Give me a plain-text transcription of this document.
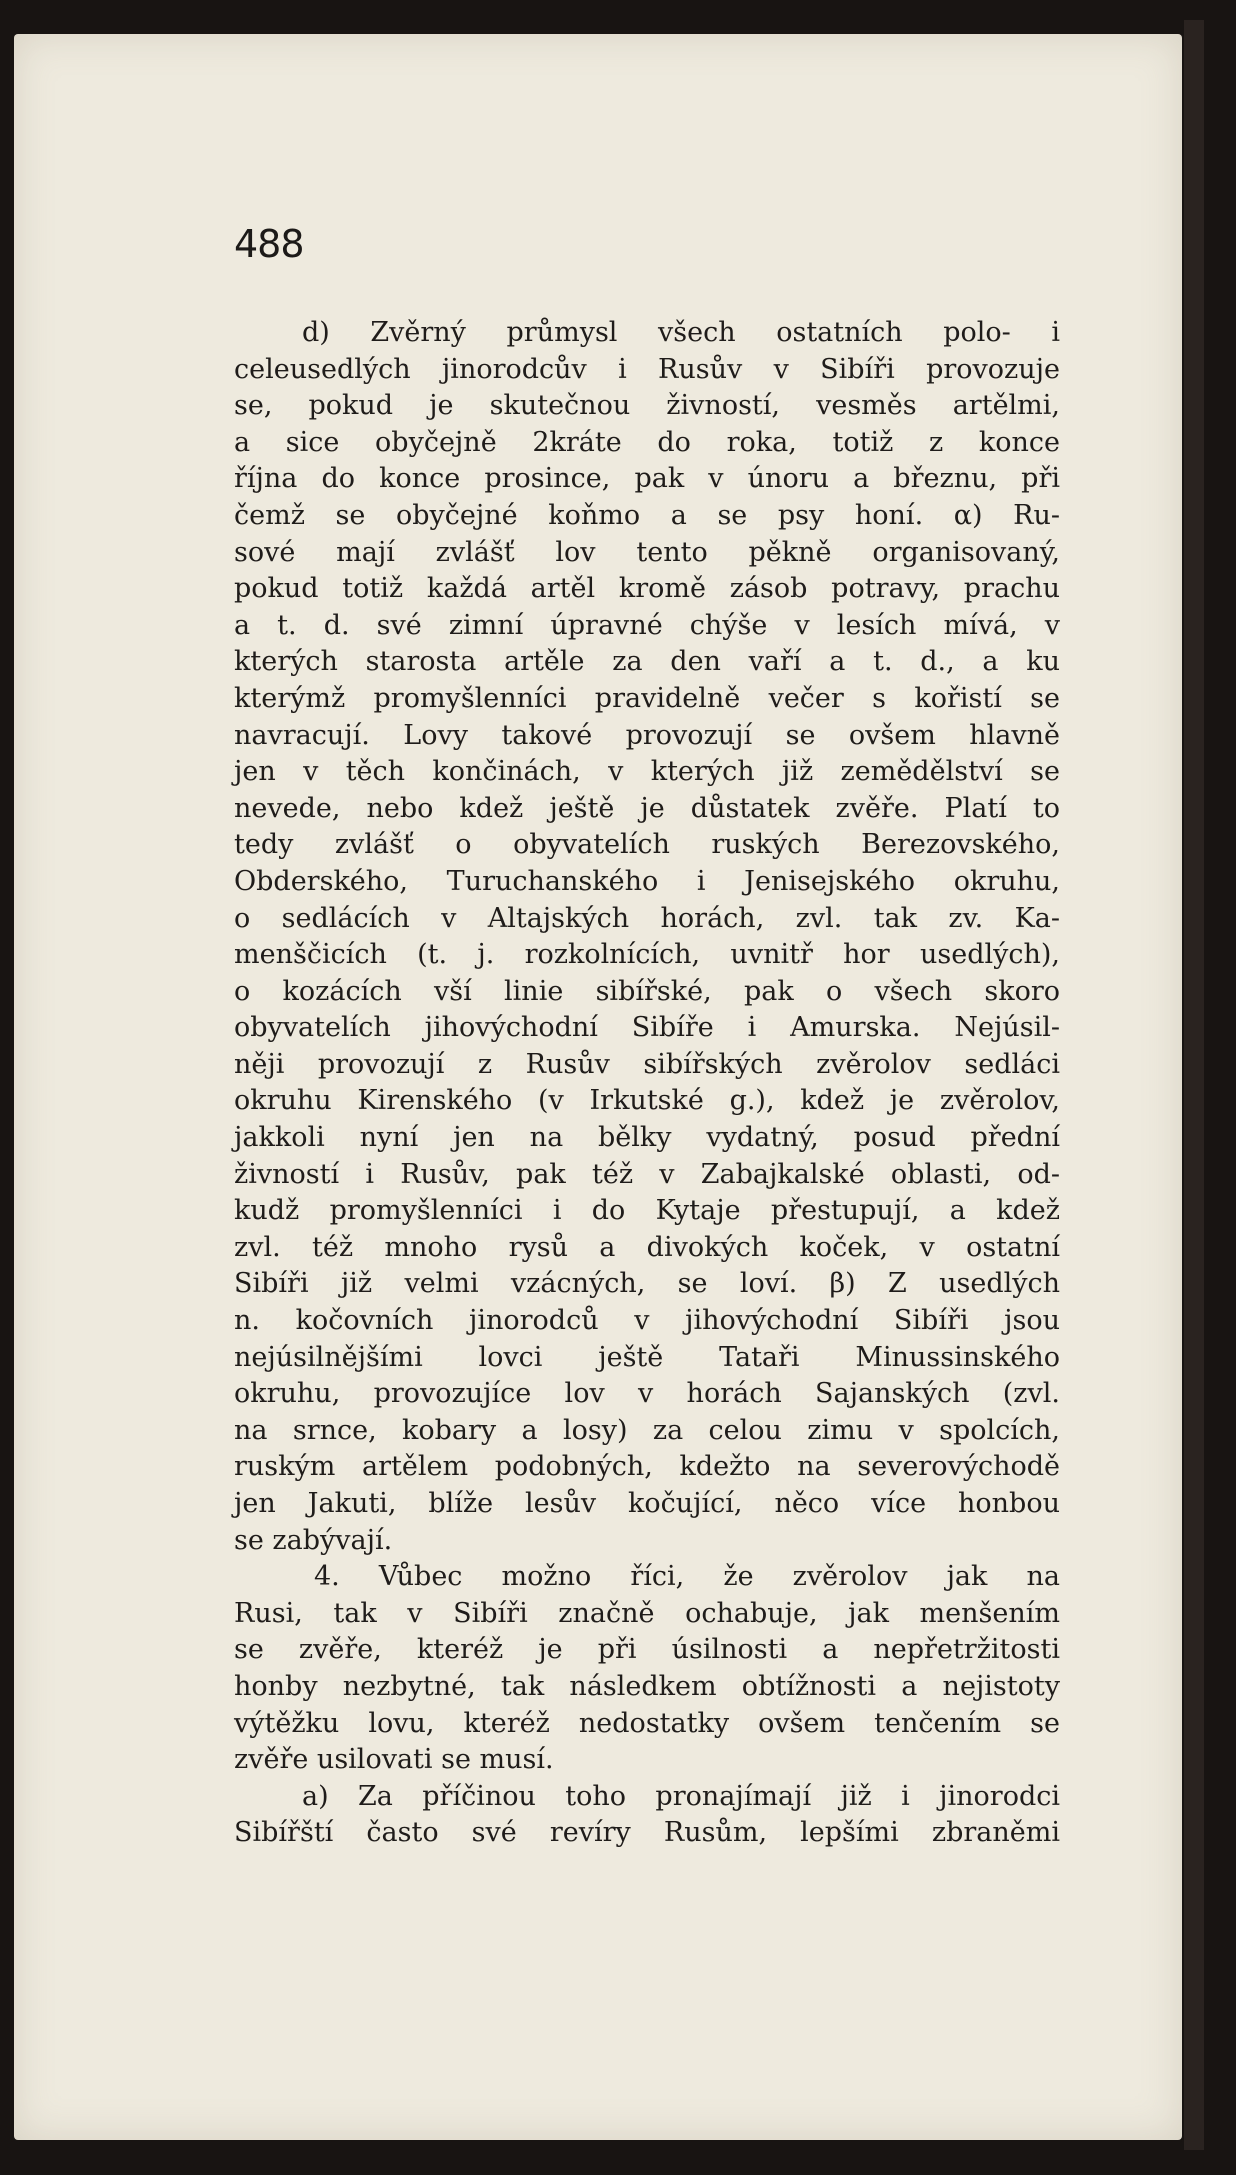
488
d) Zvěrný průmysl všech ostatních polo- i
celeusedlých jinorodcův i Rusův v Sibíři provozuje
se, pokud je skutečnou živností, vesměs artělmi,
a sice obyčejně 2kráte do roka, totiž z konce
října do konce prosince, pak v únoru a březnu, při
čemž se obyčejné koňmo a se psy honí. α) Ru-
sové mají zvlášť lov tento pěkně organisovaný,
pokud totiž každá artěl kromě zásob potravy, prachu
a t. d. své zimní úpravné chýše v lesích mívá, v
kterých starosta artěle za den vaří a t. d., a ku
kterýmž promyšlenníci pravidelně večer s kořistí se
navracují. Lovy takové provozují se ovšem hlavně
jen v těch končinách, v kterých již zemědělství se
nevede, nebo kdež ještě je důstatek zvěře. Platí to
tedy zvlášť o obyvatelích ruských Berezovského,
Obderského, Turuchanského i Jenisejského okruhu,
o sedlácích v Altajských horách, zvl. tak zv. Ka-
menščicích (t. j. rozkolnících, uvnitř hor usedlých),
o kozácích vší linie sibířské, pak o všech skoro
obyvatelích jihovýchodní Sibíře i Amurska. Nejúsil-
něji provozují z Rusův sibířských zvěrolov sedláci
okruhu Kirenského (v Irkutské g.), kdež je zvěrolov,
jakkoli nyní jen na bělky vydatný, posud přední
živností i Rusův, pak též v Zabajkalské oblasti, od-
kudž promyšlenníci i do Kytaje přestupují, a kdež
zvl. též mnoho rysů a divokých koček, v ostatní
Sibíři již velmi vzácných, se loví. β) Z usedlých
n. kočovních jinorodců v jihovýchodní Sibíři jsou
nejúsilnějšími lovci ještě Tataři Minussinského
okruhu, provozujíce lov v horách Sajanských (zvl.
na srnce, kobary a losy) za celou zimu v spolcích,
ruským artělem podobných, kdežto na severovýchodě
jen Jakuti, blíže lesův kočující, něco více honbou
se zabývají.
4. Vůbec možno říci, že zvěrolov jak na
Rusi, tak v Sibíři značně ochabuje, jak menšením
se zvěře, kteréž je při úsilnosti a nepřetržitosti
honby nezbytné, tak následkem obtížnosti a nejistoty
výtěžku lovu, kteréž nedostatky ovšem tenčením se
zvěře usilovati se musí.
a) Za příčinou toho pronajímají již i jinorodci
Sibířští často své revíry Rusům, lepšími zbraněmi
